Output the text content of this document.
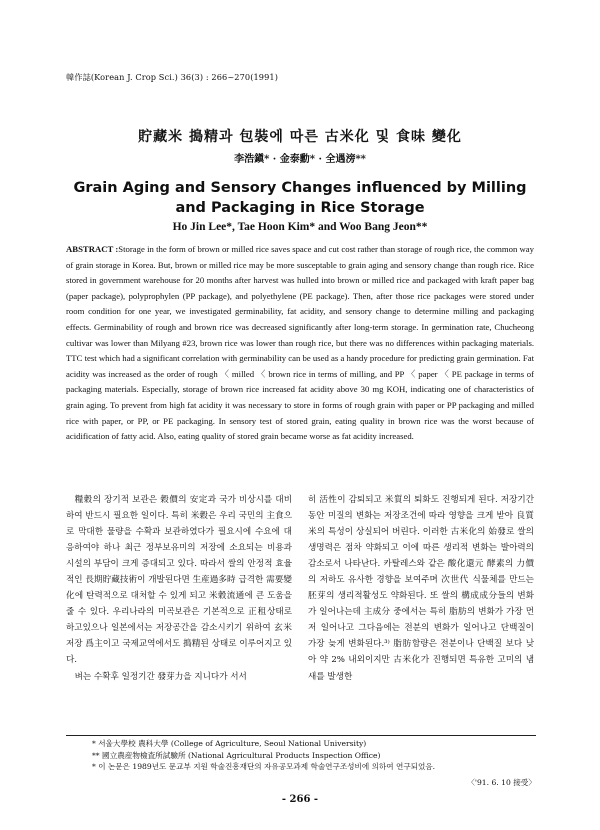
韓作誌(Korean J. Crop Sci.) 36(3) : 266~270(1991)
貯藏米 搗精과 包裝에 따른 古米化 및 食味 變化
李浩鎭* · 金泰勳* · 全遇滂**
Grain Aging and Sensory Changes influenced by Milling
and Packaging in Rice Storage
Ho Jin Lee*, Tae Hoon Kim* and Woo Bang Jeon**
ABSTRACT :Storage in the form of brown or milled rice saves space and cut cost rather than storage of rough rice, the common way of grain storage in Korea. But, brown or milled rice may be more susceptable to grain aging and sensory change than rough rice. Rice stored in government warehouse for 20 months after harvest was hulled into brown or milled rice and packaged with kraft paper bag (paper package), polyprophylen (PP package), and polyethylene (PE package). Then, after those rice packages were stored under room condition for one year, we investigated germinability, fat acidity, and sensory change to determine milling and packaging effects. Germinability of rough and brown rice was decreased significantly after long-term storage. In germination rate, Chucheong cultivar was lower than Milyang #23, brown rice was lower than rough rice, but there was no differences within packaging materials. TTC test which had a significant correlation with germinability can be used as a handy procedure for predicting grain germination. Fat acidity was increased as the order of rough 〈 milled 〈 brown rice in terms of milling, and PP 〈 paper 〈 PE package in terms of packaging materials. Especially, storage of brown rice increased fat acidity above 30 mg KOH, indicating one of characteristics of grain aging. To prevent from high fat acidity it was necessary to store in forms of rough grain with paper or PP packaging and milled rice with paper, or PP, or PE packaging. In sensory test of stored grain, eating quality in brown rice was the worst because of acidification of fatty acid. Also, eating quality of stored grain became worse as fat acidity increased.

糧穀의 장기적 보관은 穀價의 安定과 국가 비상시를 대비하여 반드시 필요한 일이다. 특히 米穀은 우리 국민의 主食으로 막대한 물량을 수확과 보관하였다가 필요시에 수요에 대응하여야 하나 최근 정부보유미의 저장에 소요되는 비용과 시설의 부담이 크게 증대되고 있다. 따라서 쌀의 안정적 효율적인 長期貯藏技術이 개발된다면 生産過多時 급격한 需要變化에 탄력적으로 대처할 수 있게 되고 米穀流通에 큰 도움을 줄 수 있다. 우리나라의 미곡보관은 기본적으로 正租상태로 하고있으나 일본에서는 저장공간을 감소시키기 위하여 玄米저장 爲主이고 국제교역에서도 搗精된 상태로 이루어지고 있다.

벼는 수확후 일정기간 發芽力을 지니다가 서서

히 活性이 감퇴되고 米質의 퇴화도 진행되게 된다. 저장기간동안 미질의 변화는 저장조건에 따라 영향을 크게 받아 良質米의 특성이 상실되어 버린다. 이러한 古米化의 始發로 쌀의 생명력은 점차 약화되고 이에 따른 생리적 변화는 발아력의 감소로서 나타난다. 카탈레스와 같은 酸化還元 酵素의 力價의 저하도 유사한 경향을 보여주며 次世代 식물체를 만드는 胚芽의 생리적활성도 약화된다. 또 쌀의 構成成分들의 변화가 일어나는데 主成分 중에서는 특히 脂肪의 변화가 가장 먼저 일어나고 그다음에는 전분의 변화가 일어나고 단백질이 가장 늦게 변화된다.³⁾ 脂肪함량은 전분이나 단백질 보다 낮아 약 2% 내외이지만 古米化가 진행되면 특유한 고미의 냄새를 발생한

* 서울大學校 農科大學 (College of Agriculture, Seoul National University)
** 國立農産物檢査所試驗所 (National Agricultural Products Inspection Office)
* 이 논문은 1989년도 문교부 지원 학술진흥재단의 자유공모과제 학술연구조성비에 의하여 연구되었음.
〈'91. 6. 10 接受〉
- 266 -
